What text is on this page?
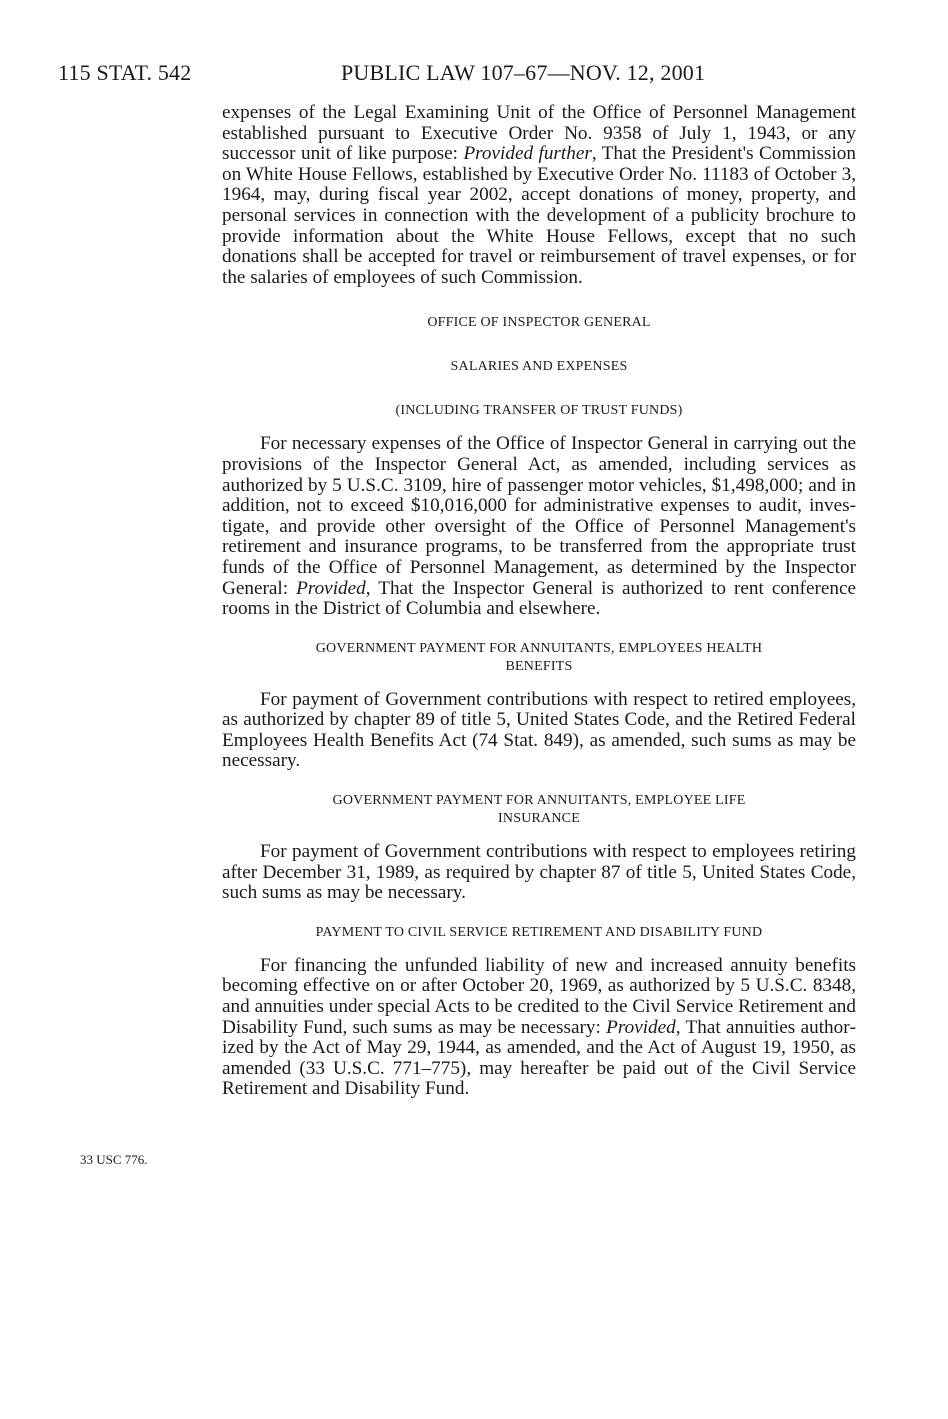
115 STAT. 542	PUBLIC LAW 107–67—NOV. 12, 2001

expenses of the Legal Examining Unit of the Office of Personnel Management established pursuant to Executive Order No. 9358 of July 1, 1943, or any successor unit of like purpose: Provided further, That the President's Commission on White House Fellows, established by Executive Order No. 11183 of October 3, 1964, may, during fiscal year 2002, accept donations of money, property, and personal services in connection with the development of a publicity brochure to provide information about the White House Fellows, except that no such donations shall be accepted for travel or reimbursement of travel expenses, or for the salaries of employees of such Commission.

OFFICE OF INSPECTOR GENERAL

SALARIES AND EXPENSES

(INCLUDING TRANSFER OF TRUST FUNDS)

For necessary expenses of the Office of Inspector General in carrying out the provisions of the Inspector General Act, as amended, including services as authorized by 5 U.S.C. 3109, hire of passenger motor vehicles, $1,498,000; and in addition, not to exceed $10,016,000 for administrative expenses to audit, investigate, and provide other oversight of the Office of Personnel Management's retirement and insurance programs, to be transferred from the appropriate trust funds of the Office of Personnel Management, as determined by the Inspector General: Provided, That the Inspector General is authorized to rent conference rooms in the District of Columbia and elsewhere.

GOVERNMENT PAYMENT FOR ANNUITANTS, EMPLOYEES HEALTH
BENEFITS

For payment of Government contributions with respect to retired employees, as authorized by chapter 89 of title 5, United States Code, and the Retired Federal Employees Health Benefits Act (74 Stat. 849), as amended, such sums as may be necessary.

GOVERNMENT PAYMENT FOR ANNUITANTS, EMPLOYEE LIFE
INSURANCE

For payment of Government contributions with respect to employees retiring after December 31, 1989, as required by chapter 87 of title 5, United States Code, such sums as may be necessary.

PAYMENT TO CIVIL SERVICE RETIREMENT AND DISABILITY FUND

For financing the unfunded liability of new and increased annuity benefits becoming effective on or after October 20, 1969, as authorized by 5 U.S.C. 8348, and annuities under special Acts to be credited to the Civil Service Retirement and Disability Fund, such sums as may be necessary: Provided, That annuities authorized by the Act of May 29, 1944, as amended, and the Act of August 19, 1950, as amended (33 U.S.C. 771–775), may hereafter be paid out of the Civil Service Retirement and Disability Fund.

33 USC 776.
